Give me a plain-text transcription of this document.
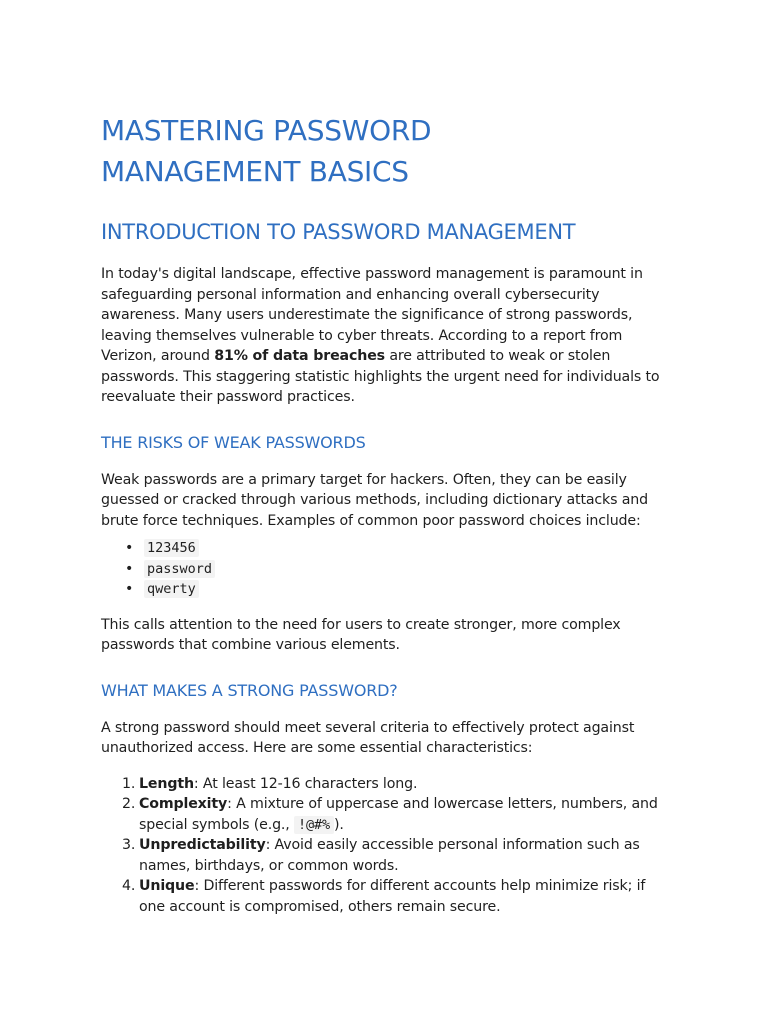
MASTERING PASSWORD
MANAGEMENT BASICS
INTRODUCTION TO PASSWORD MANAGEMENT

In today's digital landscape, effective password management is paramount in safeguarding personal information and enhancing overall cybersecurity awareness. Many users underestimate the significance of strong passwords, leaving themselves vulnerable to cyber threats. According to a report from Verizon, around 81% of data breaches are attributed to weak or stolen passwords. This staggering statistic highlights the urgent need for individuals to reevaluate their password practices.

THE RISKS OF WEAK PASSWORDS

Weak passwords are a primary target for hackers. Often, they can be easily guessed or cracked through various methods, including dictionary attacks and brute force techniques. Examples of common poor password choices include:

• 123456
• password
• qwerty

This calls attention to the need for users to create stronger, more complex passwords that combine various elements.

WHAT MAKES A STRONG PASSWORD?

A strong password should meet several criteria to effectively protect against unauthorized access. Here are some essential characteristics:

1. Length: At least 12-16 characters long.
2. Complexity: A mixture of uppercase and lowercase letters, numbers, and special symbols (e.g., !@#% ).
3. Unpredictability: Avoid easily accessible personal information such as names, birthdays, or common words.
4. Unique: Different passwords for different accounts help minimize risk; if one account is compromised, others remain secure.
